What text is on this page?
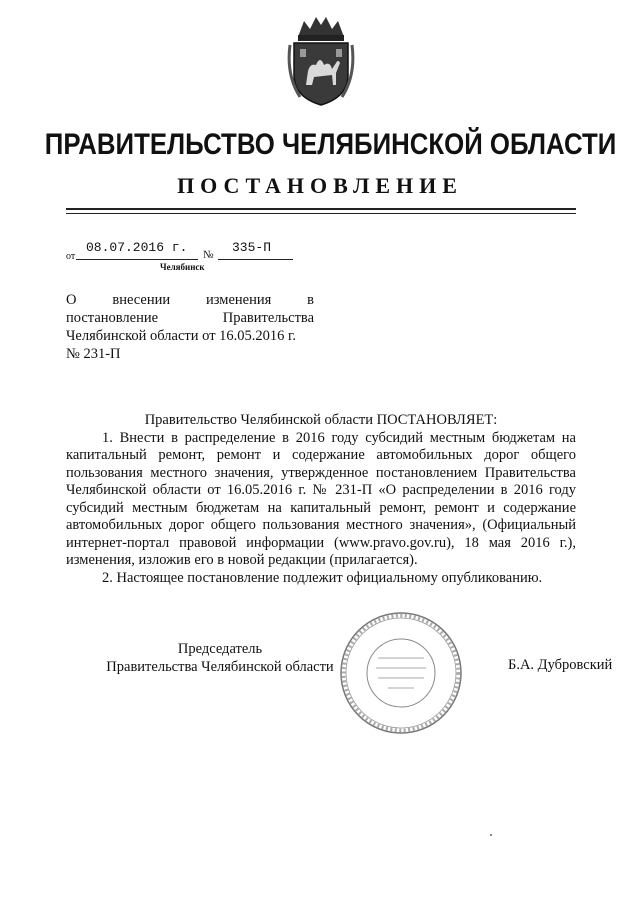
ПРАВИТЕЛЬСТВО ЧЕЛЯБИНСКОЙ ОБЛАСТИ
ПОСТАНОВЛЕНИЕ
от
08.07.2016 г. № 335-П
Челябинск
О внесении изменения в
постановление Правительства
Челябинской области от 16.05.2016 г.
№ 231-П

Правительство Челябинской области ПОСТАНОВЛЯЕТ:

1. Внести в распределение в 2016 году субсидий местным бюджетам на капитальный ремонт, ремонт и содержание автомобильных дорог общего пользования местного значения, утвержденное постановлением Правительства Челябинской области от 16.05.2016 г. № 231-П «О распределении в 2016 году субсидий местным бюджетам на капитальный ремонт, ремонт и содержание автомобильных дорог общего пользования местного значения», (Официальный интернет-портал правовой информации (www.pravo.gov.ru), 18 мая 2016 г.), изменения, изложив его в новой редакции (прилагается).

2. Настоящее постановление подлежит официальному опубликованию.

Председатель
Правительства Челябинской области	Б.А. Дубровский
